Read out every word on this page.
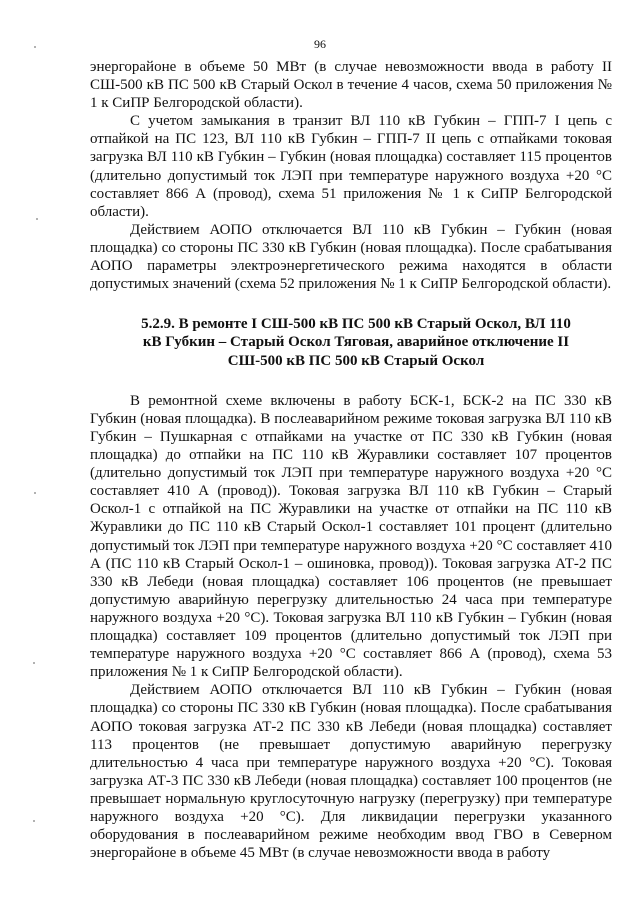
96

энергорайоне в объеме 50 МВт (в случае невозможности ввода в работу II СШ-500 кВ ПС 500 кВ Старый Оскол в течение 4 часов, схема 50 приложения № 1 к СиПР Белгородской области).

С учетом замыкания в транзит ВЛ 110 кВ Губкин – ГПП-7 I цепь с отпайкой на ПС 123, ВЛ 110 кВ Губкин – ГПП-7 II цепь с отпайками токовая загрузка ВЛ 110 кВ Губкин – Губкин (новая площадка) составляет 115 процентов (длительно допустимый ток ЛЭП при температуре наружного воздуха +20 °С составляет 866 А (провод), схема 51 приложения № 1 к СиПР Белгородской области).

Действием АОПО отключается ВЛ 110 кВ Губкин – Губкин (новая площадка) со стороны ПС 330 кВ Губкин (новая площадка). После срабатывания АОПО параметры электроэнергетического режима находятся в области допустимых значений (схема 52 приложения № 1 к СиПР Белгородской области).

5.2.9. В ремонте I СШ-500 кВ ПС 500 кВ Старый Оскол, ВЛ 110 кВ Губкин – Старый Оскол Тяговая, аварийное отключение II СШ-500 кВ ПС 500 кВ Старый Оскол

В ремонтной схеме включены в работу БСК-1, БСК-2 на ПС 330 кВ Губкин (новая площадка). В послеаварийном режиме токовая загрузка ВЛ 110 кВ Губкин – Пушкарная с отпайками на участке от ПС 330 кВ Губкин (новая площадка) до отпайки на ПС 110 кВ Журавлики составляет 107 процентов (длительно допустимый ток ЛЭП при температуре наружного воздуха +20 °С составляет 410 А (провод)). Токовая загрузка ВЛ 110 кВ Губкин – Старый Оскол-1 с отпайкой на ПС Журавлики на участке от отпайки на ПС 110 кВ Журавлики до ПС 110 кВ Старый Оскол-1 составляет 101 процент (длительно допустимый ток ЛЭП при температуре наружного воздуха +20 °С составляет 410 А (ПС 110 кВ Старый Оскол-1 – ошиновка, провод)). Токовая загрузка АТ-2 ПС 330 кВ Лебеди (новая площадка) составляет 106 процентов (не превышает допустимую аварийную перегрузку длительностью 24 часа при температуре наружного воздуха +20 °С). Токовая загрузка ВЛ 110 кВ Губкин – Губкин (новая площадка) составляет 109 процентов (длительно допустимый ток ЛЭП при температуре наружного воздуха +20 °С составляет 866 А (провод), схема 53 приложения № 1 к СиПР Белгородской области).

Действием АОПО отключается ВЛ 110 кВ Губкин – Губкин (новая площадка) со стороны ПС 330 кВ Губкин (новая площадка). После срабатывания АОПО токовая загрузка АТ-2 ПС 330 кВ Лебеди (новая площадка) составляет 113 процентов (не превышает допустимую аварийную перегрузку длительностью 4 часа при температуре наружного воздуха +20 °С). Токовая загрузка АТ-3 ПС 330 кВ Лебеди (новая площадка) составляет 100 процентов (не превышает нормальную круглосуточную нагрузку (перегрузку) при температуре наружного воздуха +20 °С). Для ликвидации перегрузки указанного оборудования в послеаварийном режиме необходим ввод ГВО в Северном энергорайоне в объеме 45 МВт (в случае невозможности ввода в работу
